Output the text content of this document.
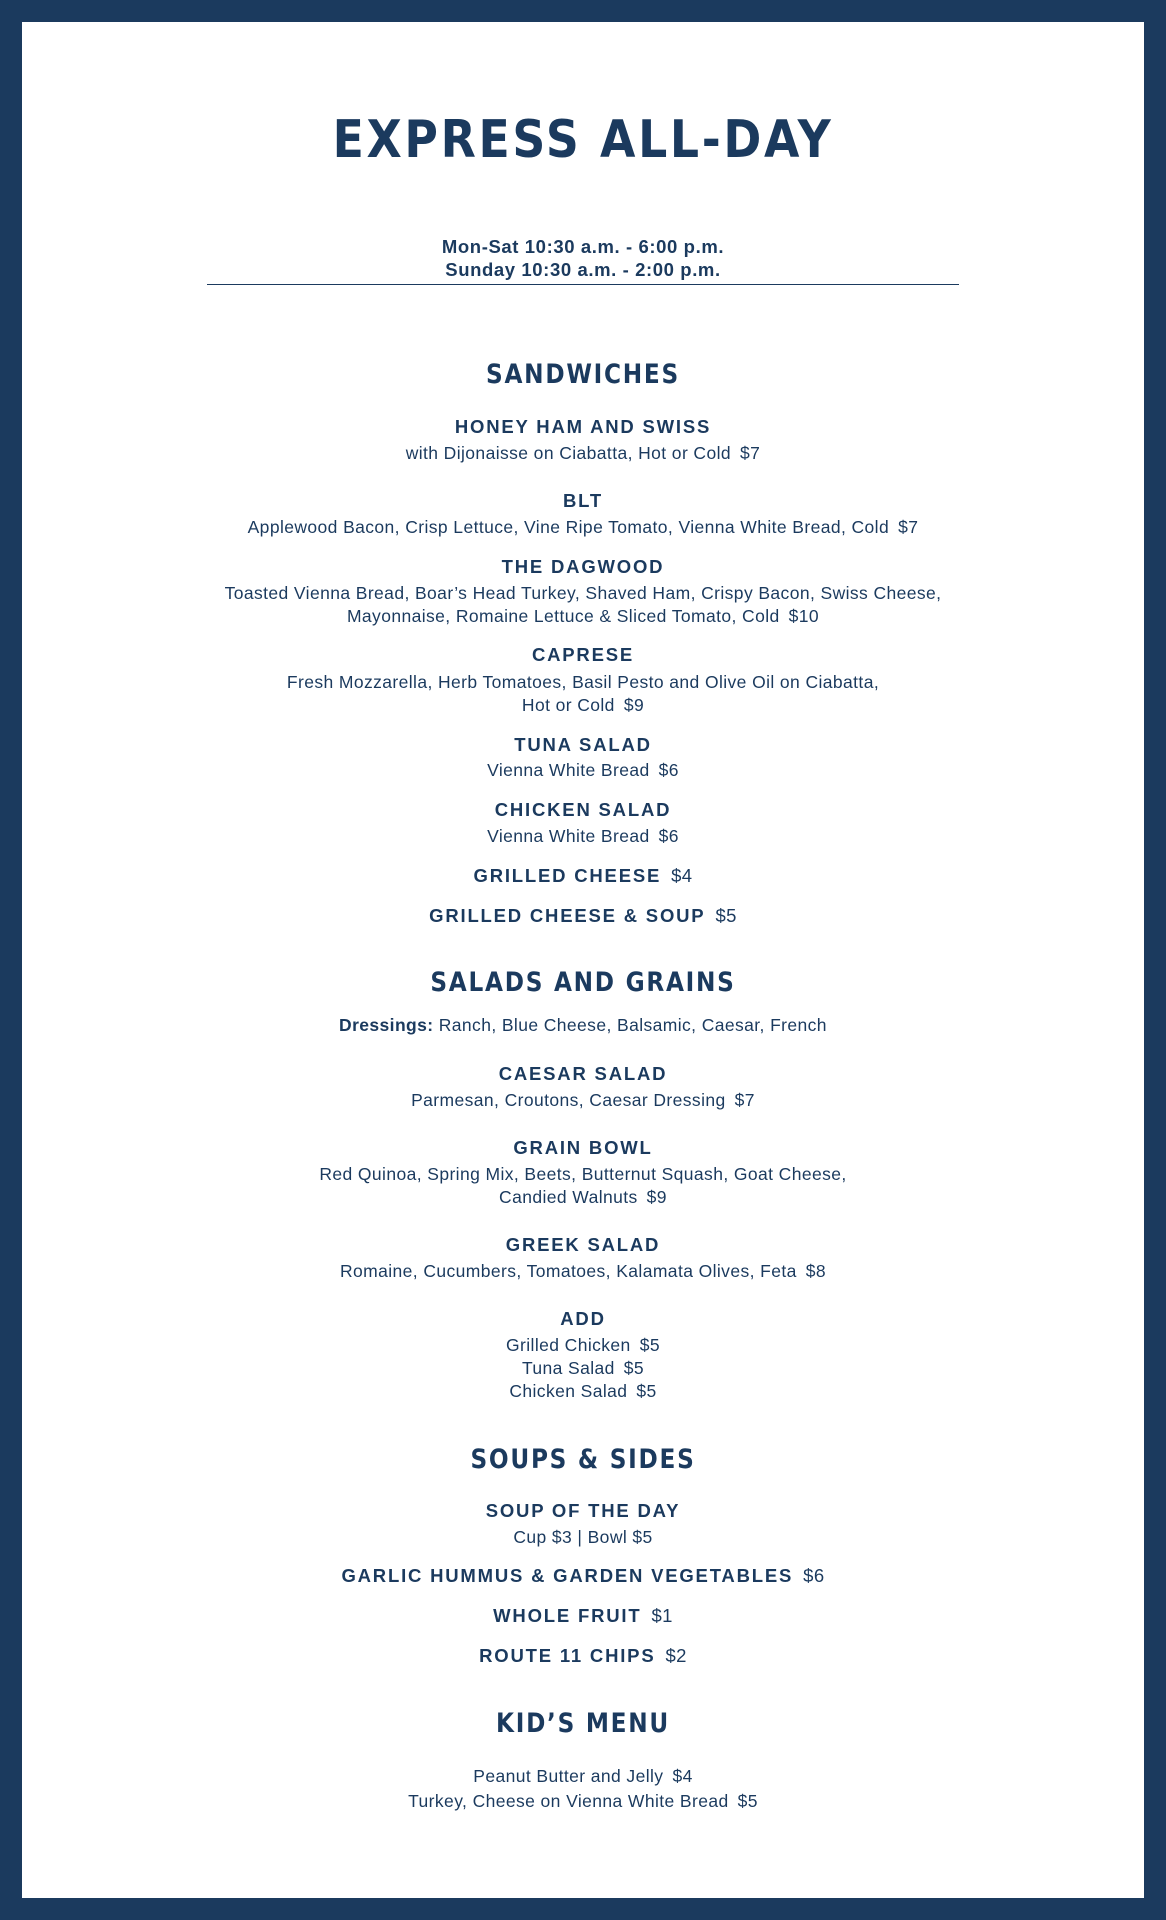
EXPRESS ALL-DAY
Mon-Sat 10:30 a.m. - 6:00 p.m.
Sunday 10:30 a.m. - 2:00 p.m.
SANDWICHES
HONEY HAM AND SWISS
with Dijonaisse on Ciabatta, Hot or Cold $7
BLT
Applewood Bacon, Crisp Lettuce, Vine Ripe Tomato, Vienna White Bread, Cold $7
THE DAGWOOD
Toasted Vienna Bread, Boar’s Head Turkey, Shaved Ham, Crispy Bacon, Swiss Cheese,
Mayonnaise, Romaine Lettuce & Sliced Tomato, Cold $10
CAPRESE
Fresh Mozzarella, Herb Tomatoes, Basil Pesto and Olive Oil on Ciabatta,
Hot or Cold $9
TUNA SALAD
Vienna White Bread $6
CHICKEN SALAD
Vienna White Bread $6
GRILLED CHEESE $4
GRILLED CHEESE & SOUP $5
SALADS AND GRAINS
Dressings: Ranch, Blue Cheese, Balsamic, Caesar, French
CAESAR SALAD
Parmesan, Croutons, Caesar Dressing $7
GRAIN BOWL
Red Quinoa, Spring Mix, Beets, Butternut Squash, Goat Cheese,
Candied Walnuts $9
GREEK SALAD
Romaine, Cucumbers, Tomatoes, Kalamata Olives, Feta $8
ADD
Grilled Chicken $5
Tuna Salad $5
Chicken Salad $5
SOUPS & SIDES
SOUP OF THE DAY
Cup $3 | Bowl $5
GARLIC HUMMUS & GARDEN VEGETABLES $6
WHOLE FRUIT $1
ROUTE 11 CHIPS $2
KID’S MENU
Peanut Butter and Jelly $4
Turkey, Cheese on Vienna White Bread $5
